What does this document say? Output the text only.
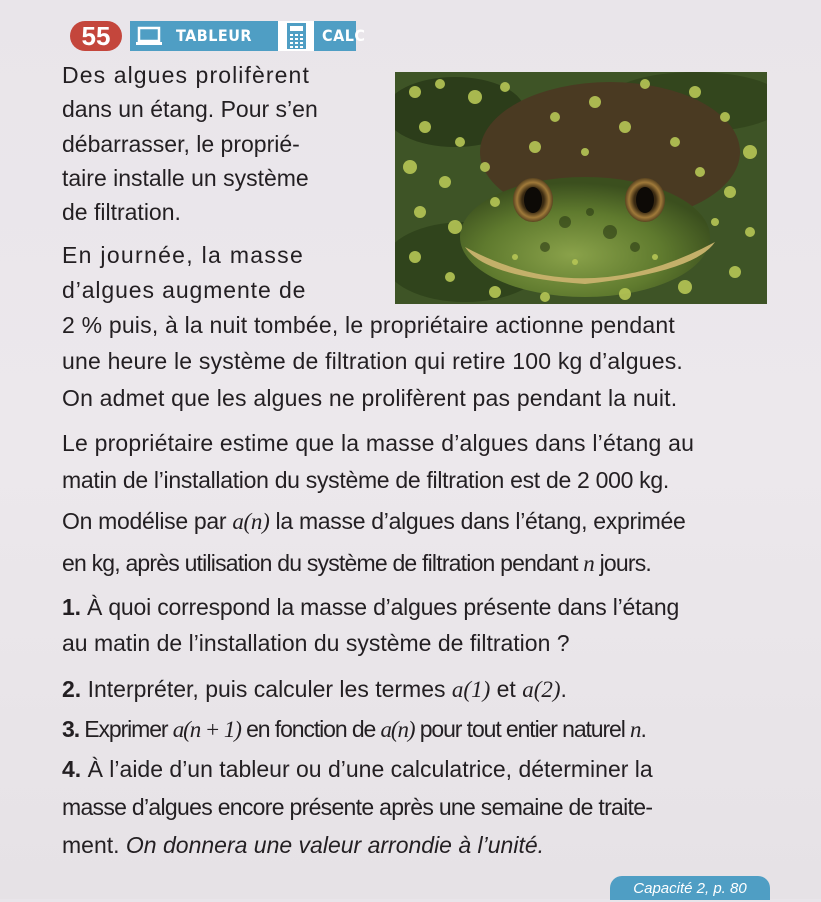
55	TABLEUR	CALC
Des algues prolifèrent
dans un étang. Pour s’en
débarrasser, le proprié-
taire installe un système
de filtration.
En journée, la masse
d’algues augmente de
2 % puis, à la nuit tombée, le propriétaire actionne pendant
une heure le système de filtration qui retire 100 kg d’algues.
On admet que les algues ne prolifèrent pas pendant la nuit.
Le propriétaire estime que la masse d’algues dans l’étang au
matin de l’installation du système de filtration est de 2 000 kg.
On modélise par a(n) la masse d’algues dans l’étang, exprimée
en kg, après utilisation du système de filtration pendant n jours.
1. À quoi correspond la masse d’algues présente dans l’étang
au matin de l’installation du système de filtration ?
2. Interpréter, puis calculer les termes a(1) et a(2).
3. Exprimer a(n + 1) en fonction de a(n) pour tout entier naturel n.
4. À l’aide d’un tableur ou d’une calculatrice, déterminer la
masse d’algues encore présente après une semaine de traite-
ment. On donnera une valeur arrondie à l’unité.
Capacité 2, p. 80
